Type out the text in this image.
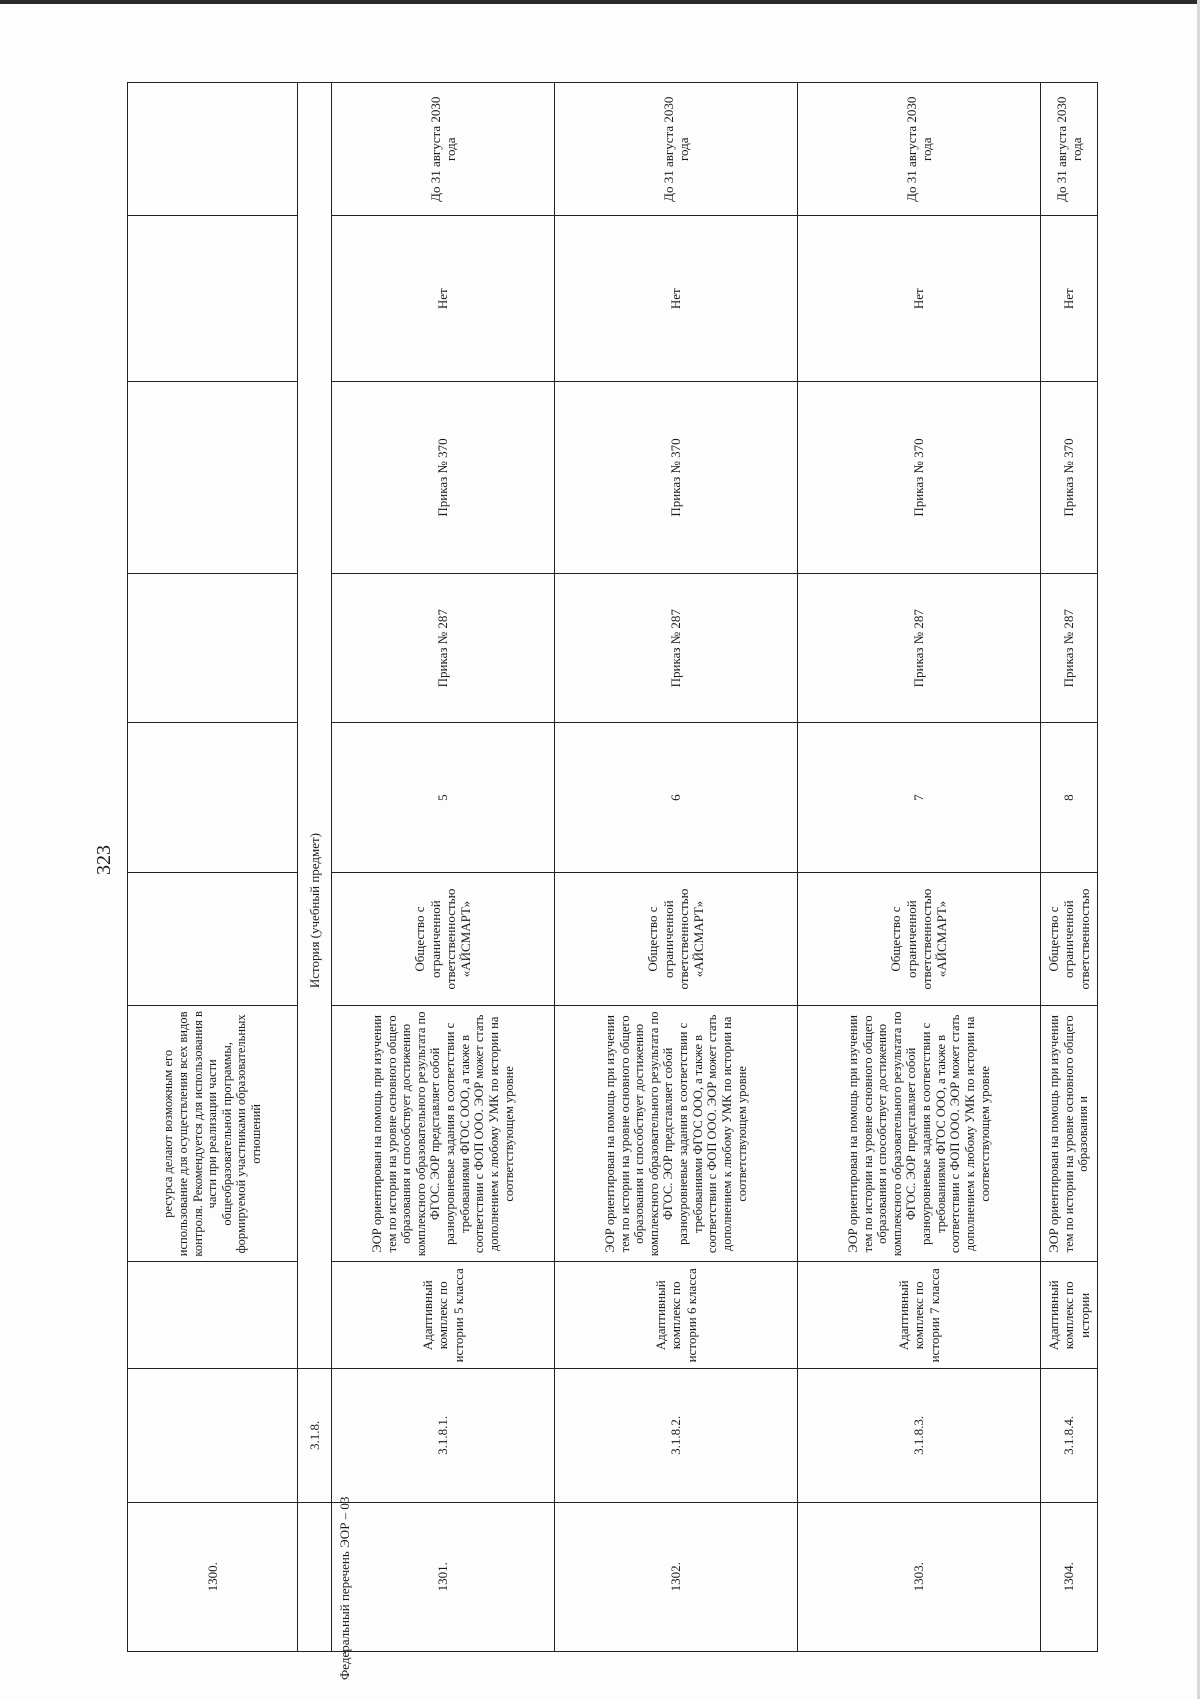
323
1300.			ресурса делают возможным его использование для осуществления всех видов контроля. Рекомендуется для использования в части при реализации части общеобразовательной программы, формируемой участниками образовательных отношений						
	3.1.8.	История (учебный предмет)							
1301.	3.1.8.1.	Адаптивный комплекс по истории 5 класса	ЭОР ориентирован на помощь при изучении тем по истории на уровне основного общего образования и способствует достижению комплексного образовательного результата по ФГОС. ЭОР представляет собой разноуровневые задания в соответствии с требованиями ФГОС ООО, а также в соответствии с ФОП ООО. ЭОР может стать дополнением к любому УМК по истории на соответствующем уровне	Общество с ограниченной ответственностью «АЙСМАРТ»	5	Приказ № 287	Приказ № 370	Нет	До 31 августа 2030 года
1302.	3.1.8.2.	Адаптивный комплекс по истории 6 класса	ЭОР ориентирован на помощь при изучении тем по истории на уровне основного общего образования и способствует достижению комплексного образовательного результата по ФГОС. ЭОР представляет собой разноуровневые задания в соответствии с требованиями ФГОС ООО, а также в соответствии с ФОП ООО. ЭОР может стать дополнением к любому УМК по истории на соответствующем уровне	Общество с ограниченной ответственностью «АЙСМАРТ»	6	Приказ № 287	Приказ № 370	Нет	До 31 августа 2030 года
1303.	3.1.8.3.	Адаптивный комплекс по истории 7 класса	ЭОР ориентирован на помощь при изучении тем по истории на уровне основного общего образования и способствует достижению комплексного образовательного результата по ФГОС. ЭОР представляет собой разноуровневые задания в соответствии с требованиями ФГОС ООО, а также в соответствии с ФОП ООО. ЭОР может стать дополнением к любому УМК по истории на соответствующем уровне	Общество с ограниченной ответственностью «АЙСМАРТ»	7	Приказ № 287	Приказ № 370	Нет	До 31 августа 2030 года
1304.	3.1.8.4.	Адаптивный комплекс по истории	ЭОР ориентирован на помощь при изучении тем по истории на уровне основного общего образования и	Общество с ограниченной ответственностью	8	Приказ № 287	Приказ № 370	Нет	До 31 августа 2030 года
Федеральный перечень ЭОР – 03
